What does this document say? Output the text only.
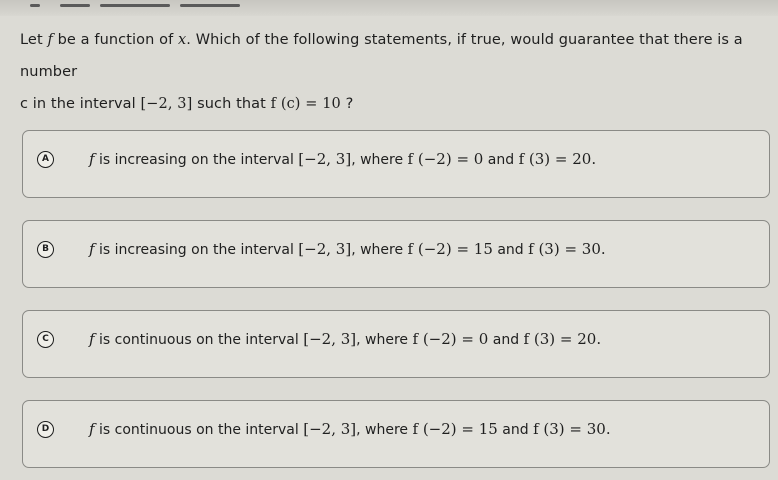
Let f be a function of x. Which of the following statements, if true, would guarantee that there is a number
c in the interval [−2, 3] such that f (c) = 10 ?
A	f is increasing on the interval [−2, 3], where f (−2) = 0 and f (3) = 20.
B	f is increasing on the interval [−2, 3], where f (−2) = 15 and f (3) = 30.
C	f is continuous on the interval [−2, 3], where f (−2) = 0 and f (3) = 20.
D	f is continuous on the interval [−2, 3], where f (−2) = 15 and f (3) = 30.
